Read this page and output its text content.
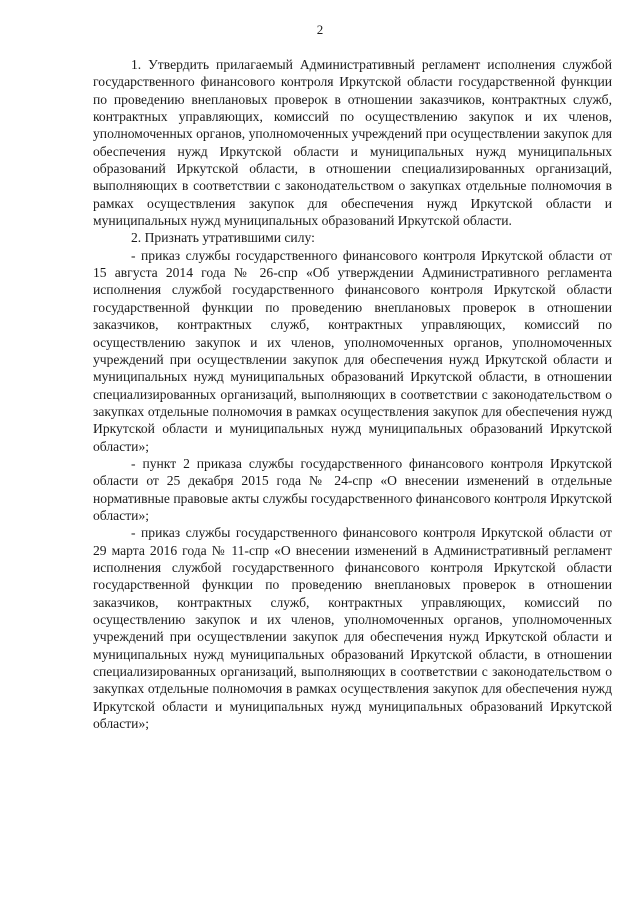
2

1. Утвердить прилагаемый Административный регламент исполнения службой государственного финансового контроля Иркутской области государственной функции по проведению внеплановых проверок в отношении заказчиков, контрактных служб, контрактных управляющих, комиссий по осуществлению закупок и их членов, уполномоченных органов, уполномоченных учреждений при осуществлении закупок для обеспечения нужд Иркутской области и муниципальных нужд муниципальных образований Иркутской области, в отношении специализированных организаций, выполняющих в соответствии с законодательством о закупках отдельные полномочия в рамках осуществления закупок для обеспечения нужд Иркутской области и муниципальных нужд муниципальных образований Иркутской области.

2. Признать утратившими силу:

- приказ службы государственного финансового контроля Иркутской области от 15 августа 2014 года № 26-спр «Об утверждении Административного регламента исполнения службой государственного финансового контроля Иркутской области государственной функции по проведению внеплановых проверок в отношении заказчиков, контрактных служб, контрактных управляющих, комиссий по осуществлению закупок и их членов, уполномоченных органов, уполномоченных учреждений при осуществлении закупок для обеспечения нужд Иркутской области и муниципальных нужд муниципальных образований Иркутской области, в отношении специализированных организаций, выполняющих в соответствии с законодательством о закупках отдельные полномочия в рамках осуществления закупок для обеспечения нужд Иркутской области и муниципальных нужд муниципальных образований Иркутской области»;

- пункт 2 приказа службы государственного финансового контроля Иркутской области от 25 декабря 2015 года № 24-спр «О внесении изменений в отдельные нормативные правовые акты службы государственного финансового контроля Иркутской области»;

- приказ службы государственного финансового контроля Иркутской области от 29 марта 2016 года № 11-спр «О внесении изменений в Административный регламент исполнения службой государственного финансового контроля Иркутской области государственной функции по проведению внеплановых проверок в отношении заказчиков, контрактных служб, контрактных управляющих, комиссий по осуществлению закупок и их членов, уполномоченных органов, уполномоченных учреждений при осуществлении закупок для обеспечения нужд Иркутской области и муниципальных нужд муниципальных образований Иркутской области, в отношении специализированных организаций, выполняющих в соответствии с законодательством о закупках отдельные полномочия в рамках осуществления закупок для обеспечения нужд Иркутской области и муниципальных нужд муниципальных образований Иркутской области»;
